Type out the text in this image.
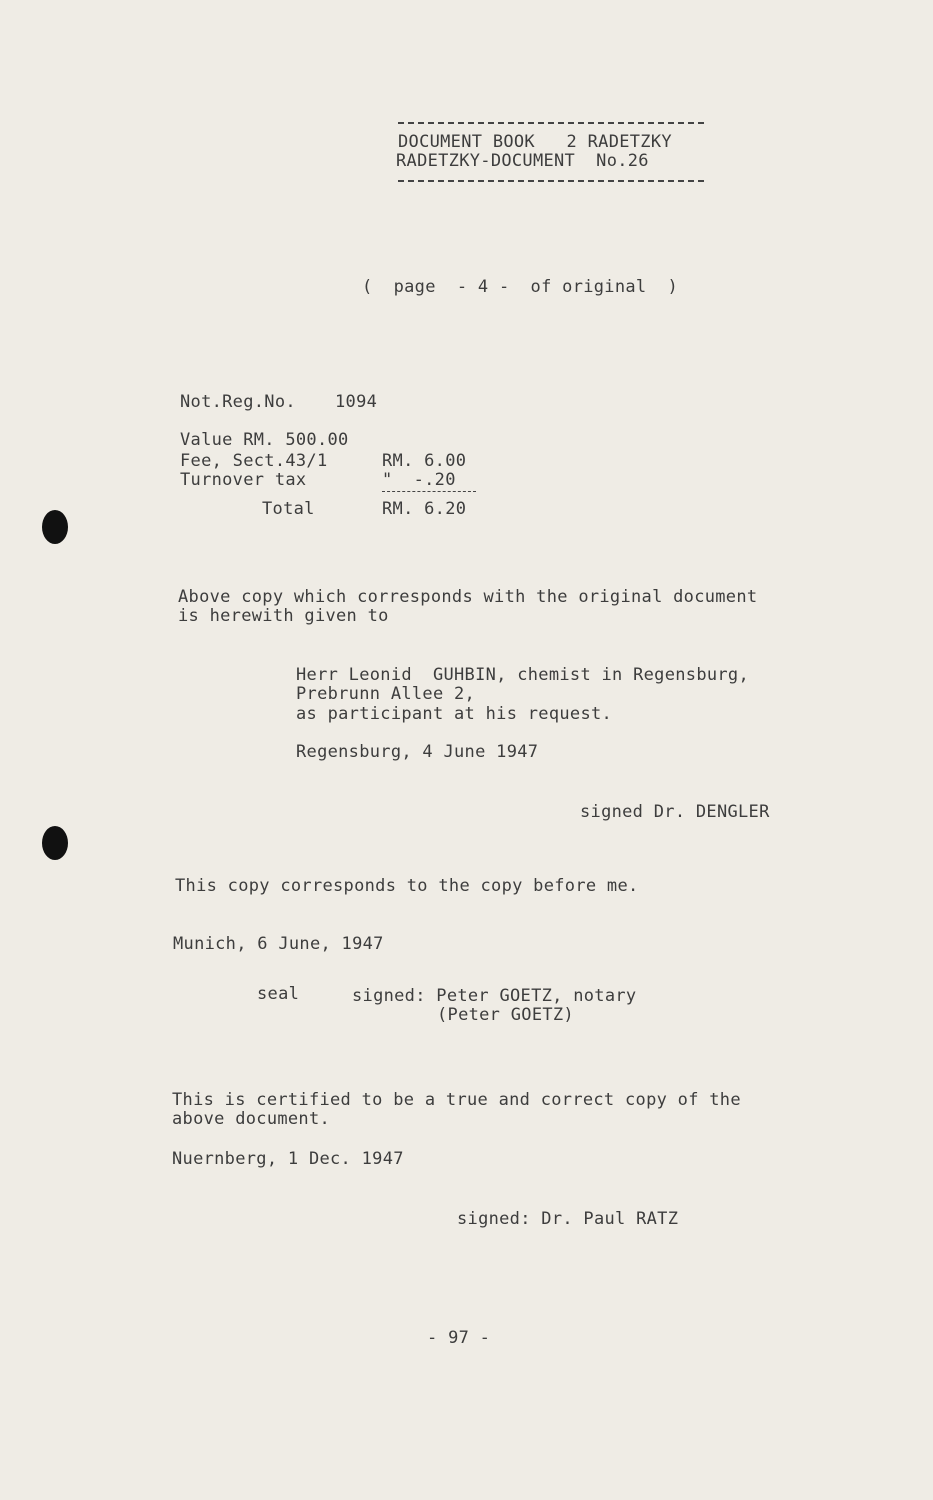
DOCUMENT BOOK   2 RADETZKY
RADETZKY-DOCUMENT  No.26
(  page  - 4 -  of original  )
Not.Reg.No. 1094
Value RM. 500.00
Fee, Sect.43/1	RM. 6.00
Turnover tax	"  -.20
Total	RM. 6.20
Above copy which corresponds with the original document
is herewith given to
Herr Leonid  GUHBIN, chemist in Regensburg,
Prebrunn Allee 2,
as participant at his request.
Regensburg, 4 June 1947
signed Dr. DENGLER
This copy corresponds to the copy before me.
Munich, 6 June, 1947
seal	signed: Peter GOETZ, notary
(Peter GOETZ)
This is certified to be a true and correct copy of the
above document.
Nuernberg, 1 Dec. 1947
signed: Dr. Paul RATZ
- 97 -
